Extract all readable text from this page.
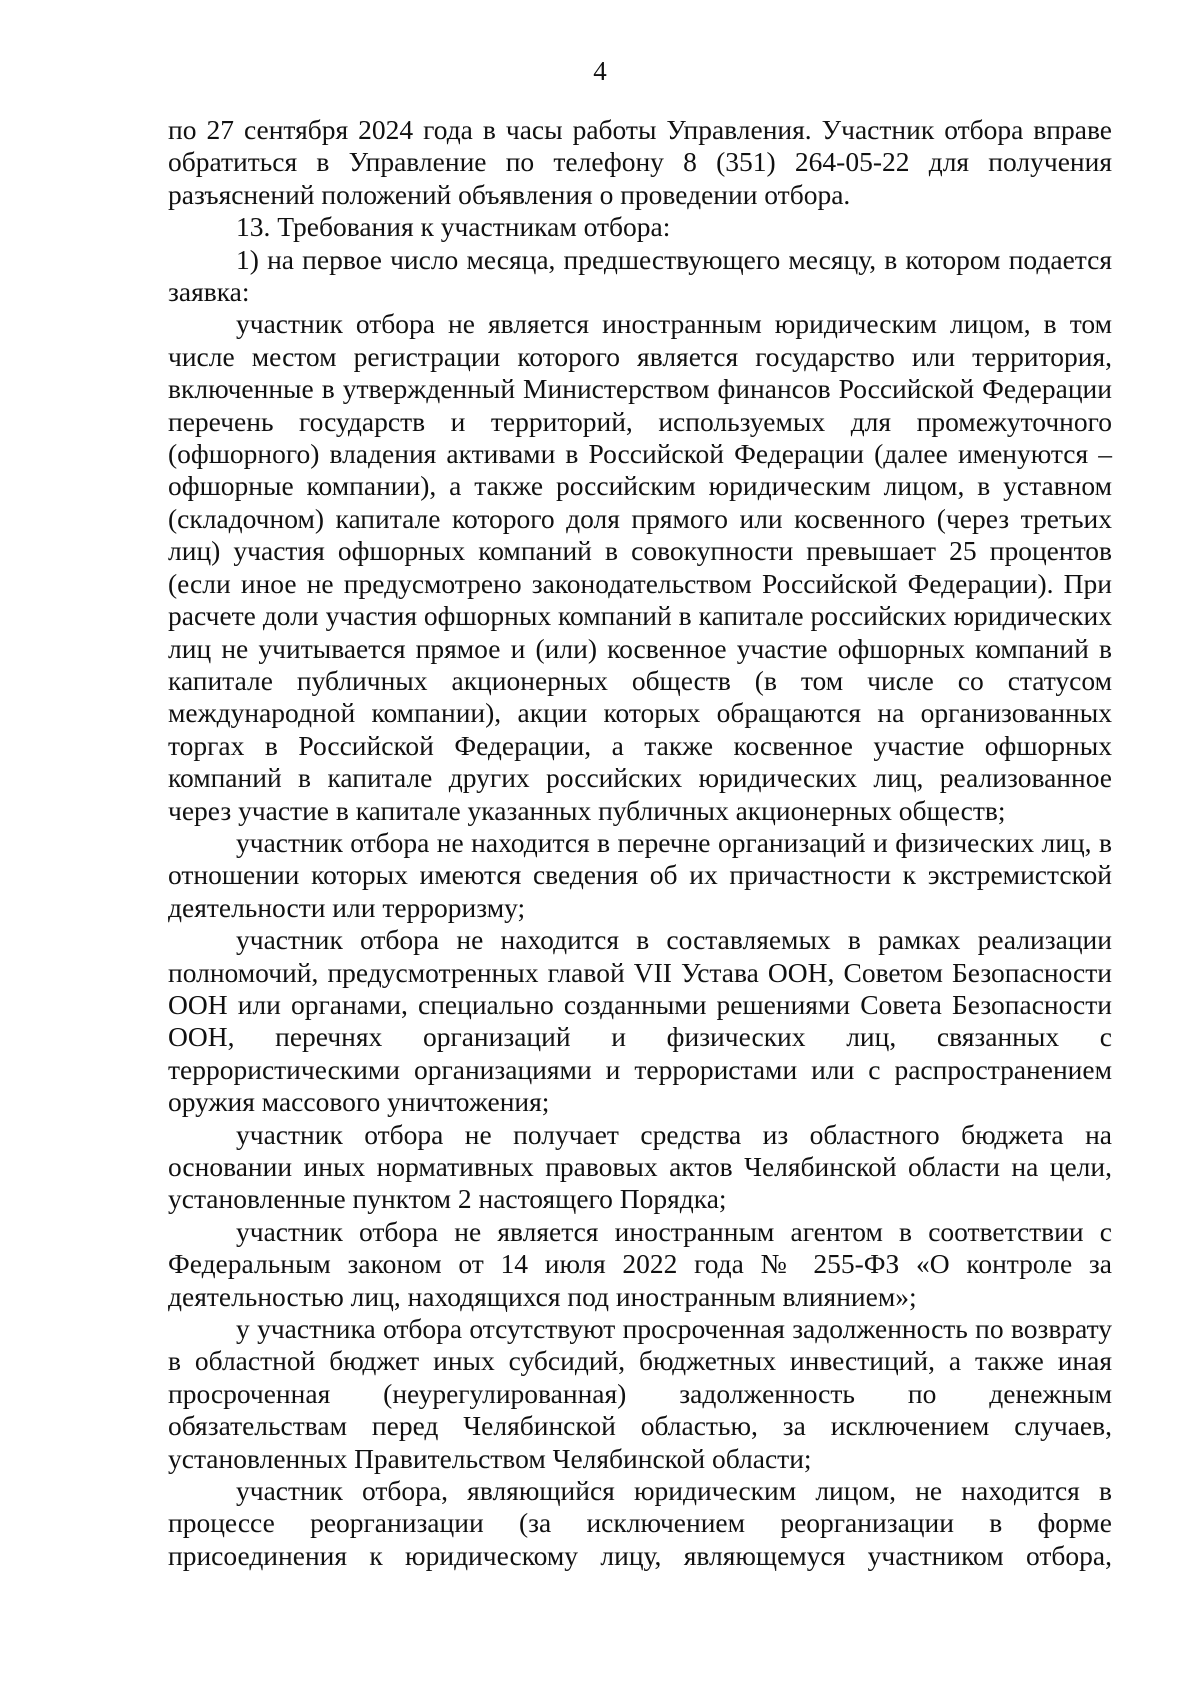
4

по 27 сентября 2024 года в часы работы Управления. Участник отбора вправе обратиться в Управление по телефону 8 (351) 264-05-22 для получения разъяснений положений объявления о проведении отбора.

13. Требования к участникам отбора:

1) на первое число месяца, предшествующего месяцу, в котором подается заявка:

участник отбора не является иностранным юридическим лицом, в том числе местом регистрации которого является государство или территория, включенные в утвержденный Министерством финансов Российской Федерации перечень государств и территорий, используемых для промежуточного (офшорного) владения активами в Российской Федерации (далее именуются – офшорные компании), а также российским юридическим лицом, в уставном (складочном) капитале которого доля прямого или косвенного (через третьих лиц) участия офшорных компаний в совокупности превышает 25 процентов (если иное не предусмотрено законодательством Российской Федерации). При расчете доли участия офшорных компаний в капитале российских юридических лиц не учитывается прямое и (или) косвенное участие офшорных компаний в капитале публичных акционерных обществ (в том числе со статусом международной компании), акции которых обращаются на организованных торгах в Российской Федерации, а также косвенное участие офшорных компаний в капитале других российских юридических лиц, реализованное через участие в капитале указанных публичных акционерных обществ;

участник отбора не находится в перечне организаций и физических лиц, в отношении которых имеются сведения об их причастности к экстремистской деятельности или терроризму;

участник отбора не находится в составляемых в рамках реализации полномочий, предусмотренных главой VII Устава ООН, Советом Безопасности ООН или органами, специально созданными решениями Совета Безопасности ООН, перечнях организаций и физических лиц, связанных с террористическими организациями и террористами или с распространением оружия массового уничтожения;

участник отбора не получает средства из областного бюджета на основании иных нормативных правовых актов Челябинской области на цели, установленные пунктом 2 настоящего Порядка;

участник отбора не является иностранным агентом в соответствии с Федеральным законом от 14 июля 2022 года № 255-ФЗ «О контроле за деятельностью лиц, находящихся под иностранным влиянием»;

у участника отбора отсутствуют просроченная задолженность по возврату в областной бюджет иных субсидий, бюджетных инвестиций, а также иная просроченная (неурегулированная) задолженность по денежным обязательствам перед Челябинской областью, за исключением случаев, установленных Правительством Челябинской области;

участник отбора, являющийся юридическим лицом, не находится в процессе реорганизации (за исключением реорганизации в форме присоединения к юридическому лицу, являющемуся участником отбора,
